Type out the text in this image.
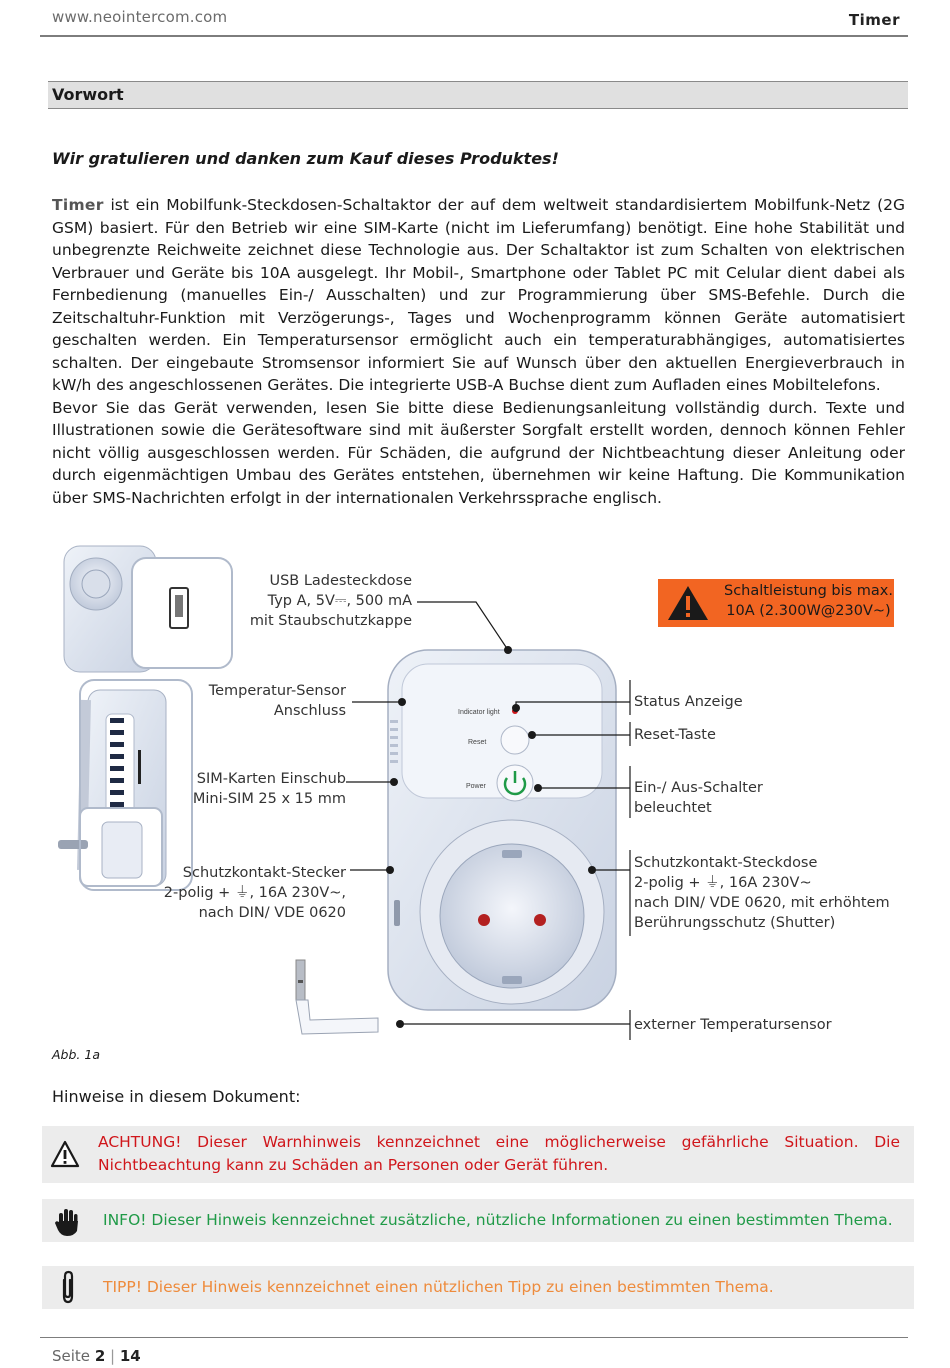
www.neointercom.com	Timer
Vorwort
Wir gratulieren und danken zum Kauf dieses Produktes!

Timer ist ein Mobilfunk-Steckdosen-Schaltaktor der auf dem weltweit standardisiertem Mobilfunk-Netz (2G GSM) basiert. Für den Betrieb wir eine SIM-Karte (nicht im Lieferumfang) benötigt. Eine hohe Stabilität und unbegrenzte Reichweite zeichnet diese Technologie aus. Der Schaltaktor ist zum Schalten von elektrischen Verbrauer und Geräte bis 10A ausgelegt. Ihr Mobil-, Smartphone oder Tablet PC mit Celular dient dabei als Fernbedienung (manuelles Ein-/ Ausschalten) und zur Programmierung über SMS-Befehle. Durch die Zeitschaltuhr-Funktion mit Verzögerungs-, Tages und Wochenprogramm können Geräte automatisiert geschalten werden. Ein Temperatursensor ermöglicht auch ein temperaturabhängiges, automatisiertes schalten. Der eingebaute Stromsensor informiert Sie auf Wunsch über den aktuellen Energieverbrauch in kW/h des angeschlossenen Gerätes. Die integrierte USB-A Buchse dient zum Aufladen eines Mobiltelefons.

Bevor Sie das Gerät verwenden, lesen Sie bitte diese Bedienungsanleitung vollständig durch. Texte und Illustrationen sowie die Gerätesoftware sind mit äußerster Sorgfalt erstellt worden, dennoch können Fehler nicht völlig ausgeschlossen werden. Für Schäden, die aufgrund der Nichtbeachtung dieser Anleitung oder durch eigenmächtigen Umbau des Gerätes entstehen, übernehmen wir keine Haftung. Die Kommunikation über SMS-Nachrichten erfolgt in der internationalen Verkehrssprache englisch.

Indicator light
Reset
Power
USB Ladesteckdose
Typ A, 5V⎓, 500 mA
mit Staubschutzkappe
Schaltleistung bis max.
10A (2.300W@230V~)
Temperatur-Sensor
Anschluss
SIM-Karten Einschub
Mini-SIM 25 x 15 mm
Schutzkontakt-Stecker
2-polig + ⏚, 16A 230V~,
nach DIN/ VDE 0620
Status Anzeige
Reset-Taste
Ein-/ Aus-Schalter
beleuchtet
Schutzkontakt-Steckdose
2-polig + ⏚, 16A 230V~
nach DIN/ VDE 0620, mit erhöhtem
Berührungsschutz (Shutter)
externer Temperatursensor
Abb. 1a
Hinweise in diesem Dokument:
ACHTUNG! Dieser Warnhinweis kennzeichnet eine möglicherweise gefährliche Situation. Die Nichtbeachtung kann zu Schäden an Personen oder Gerät führen.
INFO! Dieser Hinweis kennzeichnet zusätzliche, nützliche Informationen zu einen bestimmten Thema.
TIPP! Dieser Hinweis kennzeichnet einen nützlichen Tipp zu einen bestimmten Thema.
Seite 2 | 14
